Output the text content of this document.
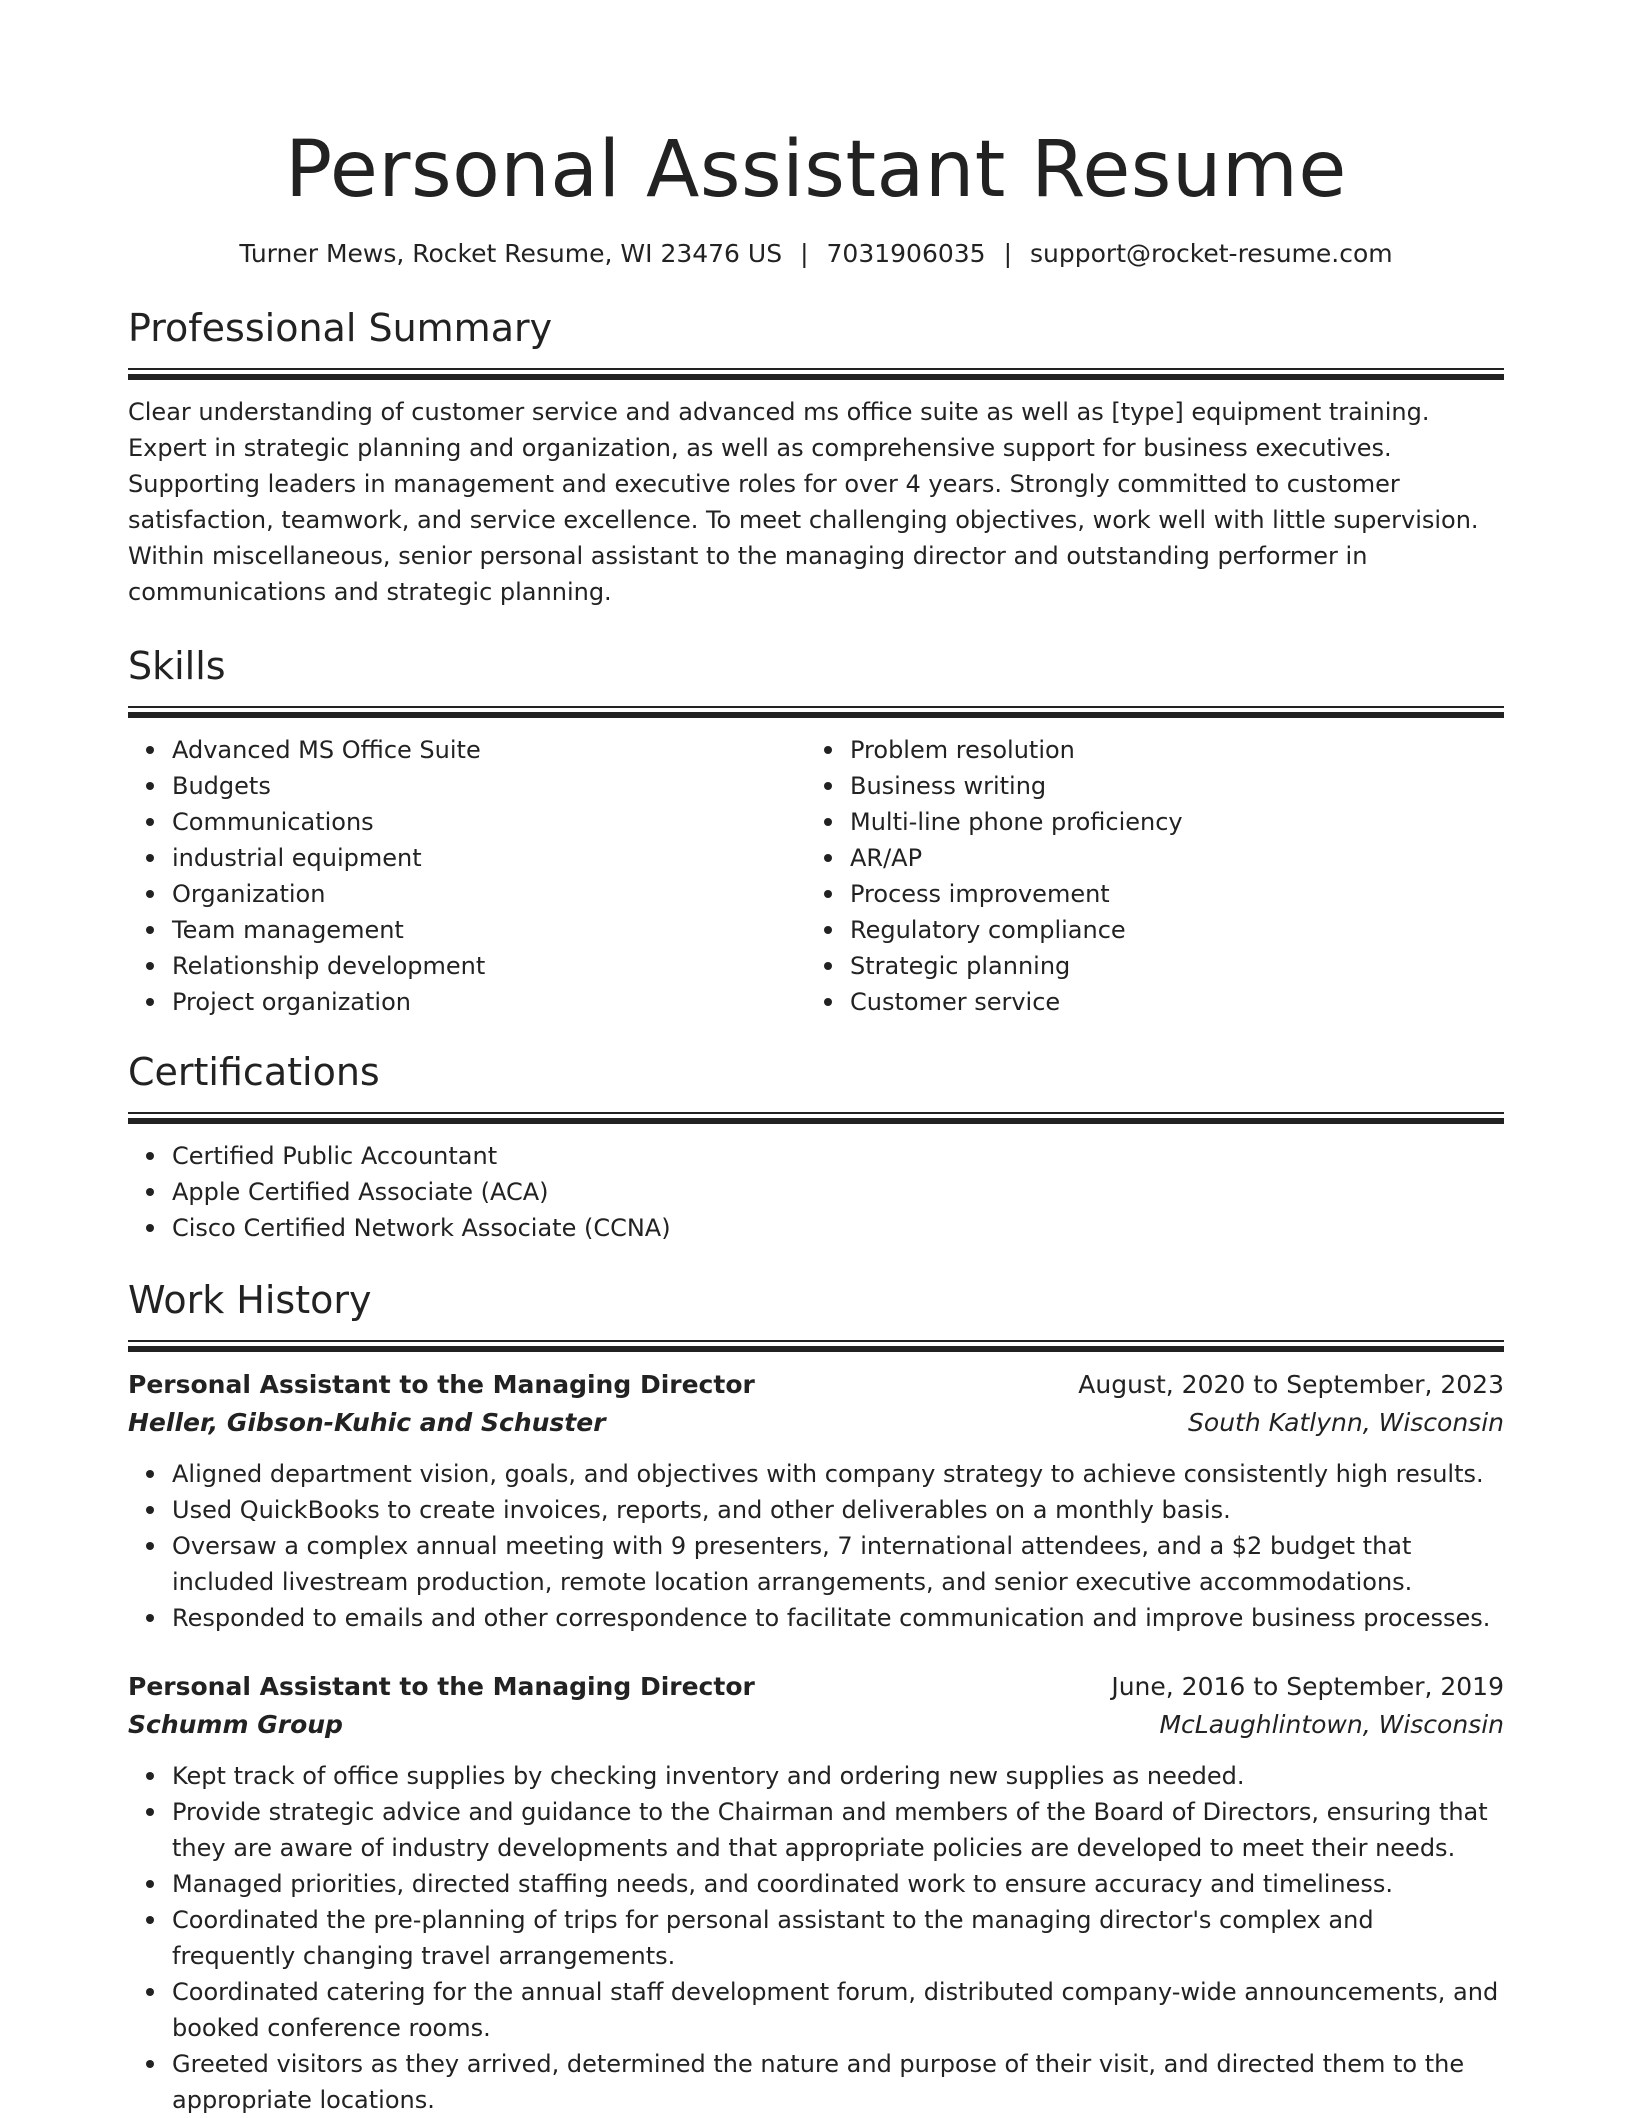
Personal Assistant Resume
Turner Mews, Rocket Resume, WI 23476 US | 7031906035 | support@rocket-resume.com
Professional Summary
Clear understanding of customer service and advanced ms office suite as well as [type] equipment training. Expert in strategic planning and organization, as well as comprehensive support for business executives. Supporting leaders in management and executive roles for over 4 years. Strongly committed to customer satisfaction, teamwork, and service excellence. To meet challenging objectives, work well with little supervision. Within miscellaneous, senior personal assistant to the managing director and outstanding performer in communications and strategic planning.
Skills
Advanced MS Office Suite
Budgets
Communications
industrial equipment
Organization
Team management
Relationship development
Project organization
Problem resolution
Business writing
Multi-line phone proficiency
AR/AP
Process improvement
Regulatory compliance
Strategic planning
Customer service
Certifications
Certified Public Accountant
Apple Certified Associate (ACA)
Cisco Certified Network Associate (CCNA)
Work History
Personal Assistant to the Managing Director	August, 2020 to September, 2023
Heller, Gibson-Kuhic and Schuster	South Katlynn, Wisconsin
Aligned department vision, goals, and objectives with company strategy to achieve consistently high results.
Used QuickBooks to create invoices, reports, and other deliverables on a monthly basis.
Oversaw a complex annual meeting with 9 presenters, 7 international attendees, and a $2 budget that included livestream production, remote location arrangements, and senior executive accommodations.
Responded to emails and other correspondence to facilitate communication and improve business processes.
Personal Assistant to the Managing Director	June, 2016 to September, 2019
Schumm Group	McLaughlintown, Wisconsin
Kept track of office supplies by checking inventory and ordering new supplies as needed.
Provide strategic advice and guidance to the Chairman and members of the Board of Directors, ensuring that they are aware of industry developments and that appropriate policies are developed to meet their needs.
Managed priorities, directed staffing needs, and coordinated work to ensure accuracy and timeliness.
Coordinated the pre-planning of trips for personal assistant to the managing director's complex and frequently changing travel arrangements.
Coordinated catering for the annual staff development forum, distributed company-wide announcements, and booked conference rooms.
Greeted visitors as they arrived, determined the nature and purpose of their visit, and directed them to the appropriate locations.
